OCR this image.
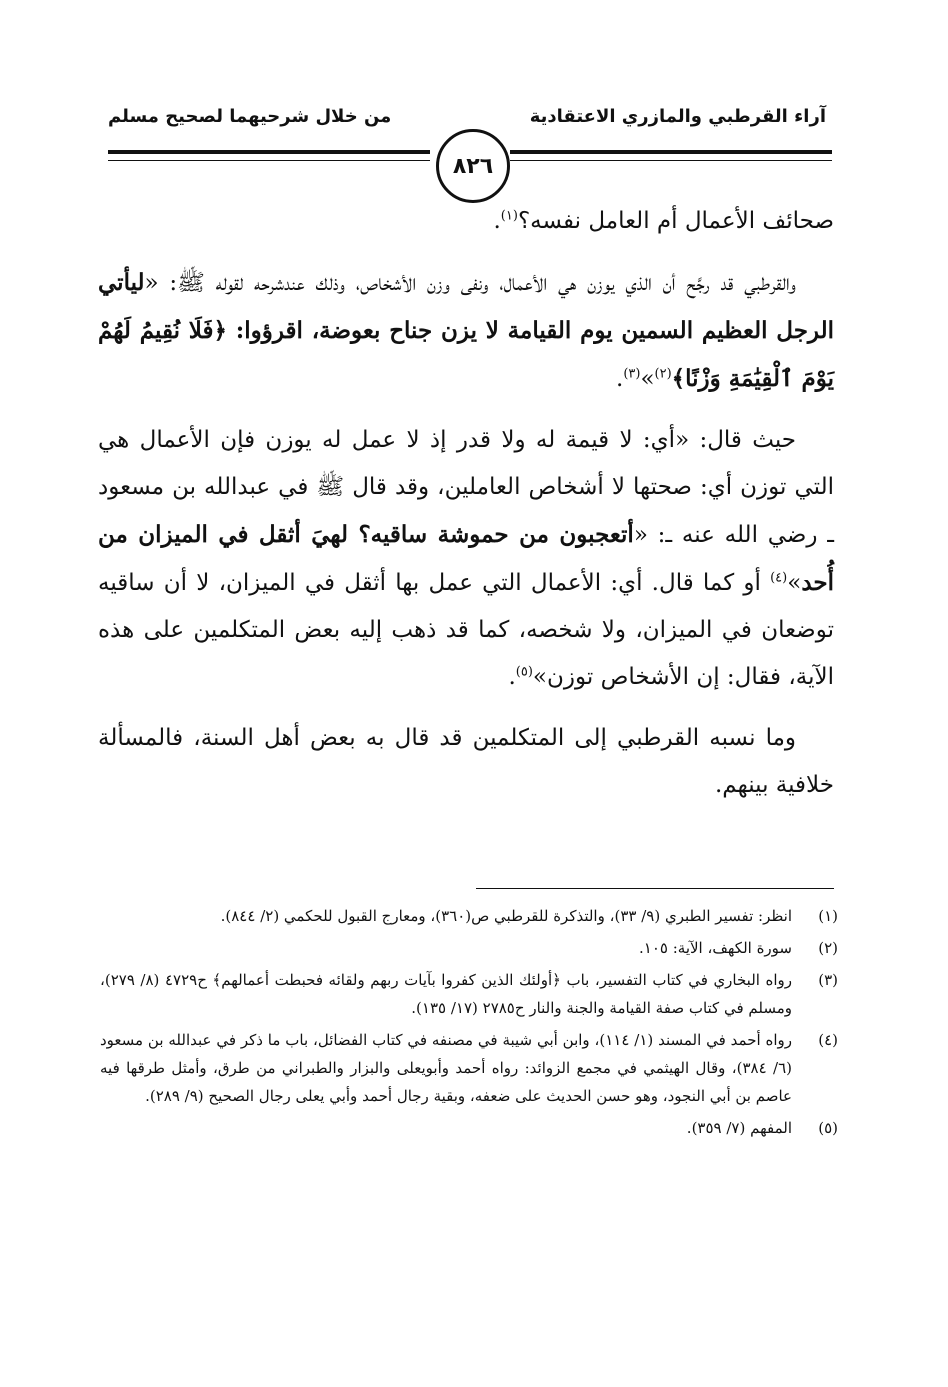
آراء القرطبي والمازري الاعتقادية
من خلال شرحيهما لصحيح مسلم
٨٢٦

صحائف الأعمال أم العامل نفسه؟$^{(١)}$.

والقرطبي قد رجَّح أن الذي يوزن هي الأعمال، ونفى وزن الأشخاص، وذلك عندشرحه لقوله ﷺ: «ليأتي الرجل العظيم السمين يوم القيامة لا يزن جناح بعوضة، اقرؤوا: ﴿فَلَا نُقِيمُ لَهُمْ يَوْمَ ٱلْقِيَٰمَةِ وَزْنًا﴾$^{(٢)}$»$^{(٣)}$.

حيث قال: «أي: لا قيمة له ولا قدر إذ لا عمل له يوزن فإن الأعمال هي التي توزن أي: صحتها لا أشخاص العاملين، وقد قال ﷺ في عبدالله بن مسعود ـ رضي الله عنه ـ: «أتعجبون من حموشة ساقيه؟ لهيَ أثقل في الميزان من أُحد»$^{(٤)}$ أو كما قال. أي: الأعمال التي عمل بها أثقل في الميزان، لا أن ساقيه توضعان في الميزان، ولا شخصه، كما قد ذهب إليه بعض المتكلمين على هذه الآية، فقال: إن الأشخاص توزن»$^{(٥)}$.

وما نسبه القرطبي إلى المتكلمين قد قال به بعض أهل السنة، فالمسألة خلافية بينهم.

(١)
انظر: تفسير الطبري (٩/ ٣٣)، والتذكرة للقرطبي ص(٣٦٠)، ومعارج القبول للحكمي (٢/ ٨٤٤).
(٢)
سورة الكهف، الآية: ١٠٥.
(٣)
رواه البخاري في كتاب التفسير، باب ﴿أولئك الذين كفروا بآيات ربهم ولقائه فحبطت أعمالهم﴾ ح٤٧٢٩ (٨/ ٢٧٩)، ومسلم في كتاب صفة القيامة والجنة والنار ح٢٧٨٥ (١٧/ ١٣٥).
(٤)
رواه أحمد في المسند (١/ ١١٤)، وابن أبي شيبة في مصنفه في كتاب الفضائل، باب ما ذكر في عبدالله بن مسعود (٦/ ٣٨٤)، وقال الهيثمي في مجمع الزوائد: رواه أحمد وأبويعلى والبزار والطبراني من طرق، وأمثل طرقها فيه عاصم بن أبي النجود، وهو حسن الحديث على ضعفه، وبقية رجال أحمد وأبي يعلى رجال الصحيح (٩/ ٢٨٩).
(٥)
المفهم (٧/ ٣٥٩).
